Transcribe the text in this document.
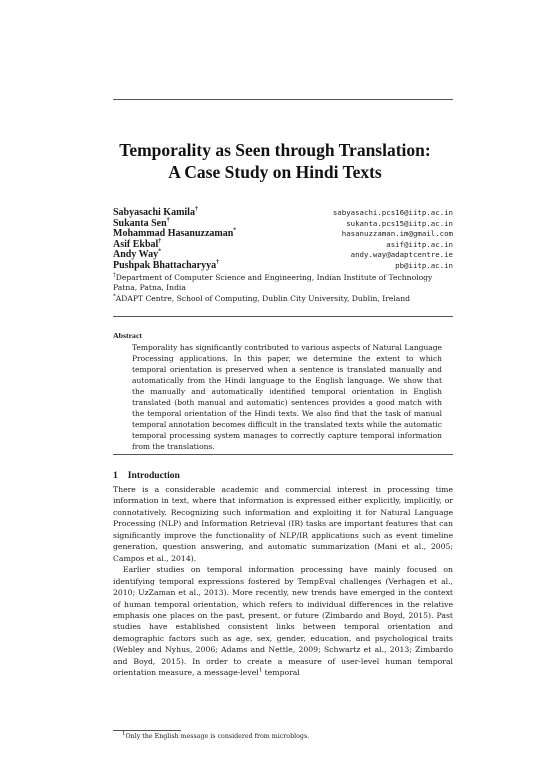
Temporality as Seen through Translation:
A Case Study on Hindi Texts
Sabyasachi Kamila†	sabyasachi.pcs16@iitp.ac.in
Sukanta Sen†	sukanta.pcs15@iitp.ac.in
Mohammad Hasanuzzaman*	hasanuzzaman.im@gmail.com
Asif Ekbal†	asif@iitp.ac.in
Andy Way*	andy.way@adaptcentre.ie
Pushpak Bhattacharyya†	pb@iitp.ac.in
†Department of Computer Science and Engineering, Indian Institute of Technology Patna, Patna, India
*ADAPT Centre, School of Computing, Dublin City University, Dublin, Ireland
Abstract
Temporality has significantly contributed to various aspects of Natural Language Processing applications. In this paper, we determine the extent to which temporal orientation is preserved when a sentence is translated manually and automatically from the Hindi language to the English language. We show that the manually and automatically identified temporal orientation in English translated (both manual and automatic) sentences provides a good match with the temporal orientation of the Hindi texts. We also find that the task of manual temporal annotation becomes difficult in the translated texts while the automatic temporal processing system manages to correctly capture temporal information from the translations.
1 Introduction

There is a considerable academic and commercial interest in processing time information in text, where that information is expressed either explicitly, implicitly, or connotatively. Recognizing such information and exploiting it for Natural Language Processing (NLP) and Information Retrieval (IR) tasks are important features that can significantly improve the functionality of NLP/IR applications such as event timeline generation, question answering, and automatic summarization (Mani et al., 2005; Campos et al., 2014).

Earlier studies on temporal information processing have mainly focused on identifying temporal expressions fostered by TempEval challenges (Verhagen et al., 2010; UzZaman et al., 2013). More recently, new trends have emerged in the context of human temporal orientation, which refers to individual differences in the relative emphasis one places on the past, present, or future (Zimbardo and Boyd, 2015). Past studies have established consistent links between temporal orientation and demographic factors such as age, sex, gender, education, and psychological traits (Webley and Nyhus, 2006; Adams and Nettle, 2009; Schwartz et al., 2013; Zimbardo and Boyd, 2015). In order to create a measure of user-level human temporal orientation measure, a message-level$^1$ temporal

1Only the English message is considered from microblogs.
